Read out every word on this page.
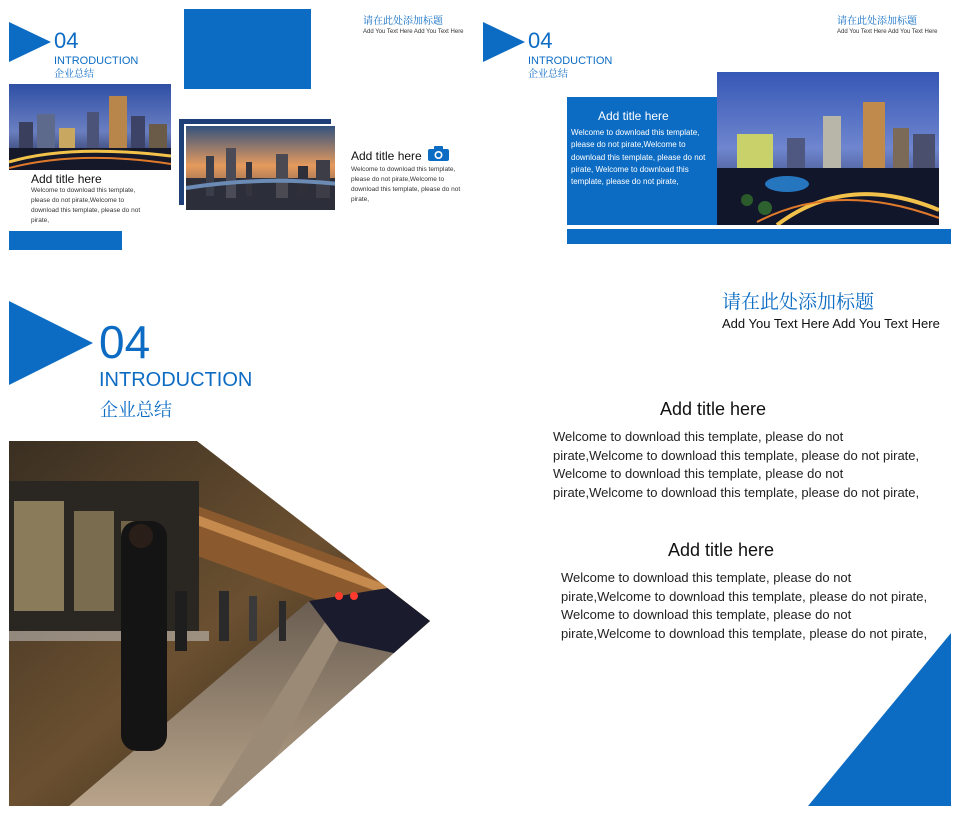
04
INTRODUCTION
企业总结
请在此处添加标题
Add You Text Here Add You Text Here
Add title here
Welcome to download this template, please do not pirate,Welcome to download this template, please do not pirate,
Add title here
Welcome to download this template, please do not pirate,Welcome to download this template, please do not pirate,
04
INTRODUCTION
企业总结
请在此处添加标题
Add You Text Here Add You Text Here
Add title here
Welcome to download this template, please do not pirate,Welcome to download this template, please do not pirate, Welcome to download this template, please do not pirate,
04
INTRODUCTION
企业总结
请在此处添加标题
Add You Text Here Add You Text Here
Add title here
Welcome to download this template, please do not
pirate,Welcome to download this template, please do not pirate,
Welcome to download this template, please do not
pirate,Welcome to download this template, please do not pirate,
Add title here
Welcome to download this template, please do not
pirate,Welcome to download this template, please do not pirate,
Welcome to download this template, please do not
pirate,Welcome to download this template, please do not pirate,
